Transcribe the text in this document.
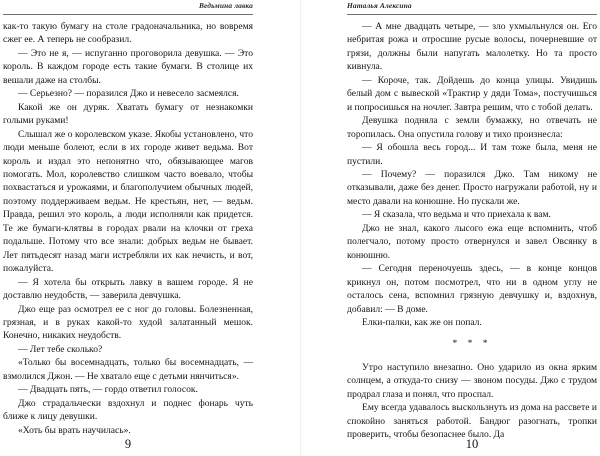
Ведьмина лавка

как-то такую бумагу на столе градоначальника, но вовремя сжег ее. А теперь не сообразил.

— Это не я, — испуганно проговорила девушка. — Это король. В каждом городе есть такие бумаги. В столице их вешали даже на столбы.

— Серьезно? — поразился Джо и невесело засмеялся.

Какой же он дуряк. Хватать бумагу от незнакомки голыми руками!

Слышал же о королевском указе. Якобы установлено, что люди меньше болеют, если в их городе живет ведьма. Вот король и издал это непонятно что, обязывающее магов помогать. Мол, королевство слишком часто воевало, чтобы похвастаться и урожаями, и благополучием обычных людей, поэтому поддерживаем ведьм. Не крестьян, нет, — ведьм. Правда, решил это король, а люди исполняли как придется. Те же бумаги-клятвы в городах рвали на клочки от греха подальше. Потому что все знали: добрых ведьм не бывает. Лет пятьдесят назад маги истребляли их как нечисть, и вот, пожалуйста.

— Я хотела бы открыть лавку в вашем городе. Я не доставлю неудобств, — заверила девчушка.

Джо еще раз осмотрел ее с ног до головы. Болезненная, грязная, и в руках какой-то худой залатанный мешок. Конечно, никаких неудобств.

— Лет тебе сколько?

«Только бы восемнадцать, только бы восемнадцать, — взмолился Джон. — Не хватало еще с детьми нянчиться».

— Двадцать пять, — гордо ответил голосок.

Джо страдальчески вздохнул и поднес фонарь чуть ближе к лицу девушки.

«Хоть бы врать научилась».

9
Наталья Алексина

— А мне двадцать четыре, — зло ухмыльнулся он. Его небритая рожа и отросшие русые волосы, почерневшие от грязи, должны были напугать малолетку. Но та просто кивнула.

— Короче, так. Дойдешь до конца улицы. Увидишь белый дом с вывеской «Трактир у дяди Тома», постучишься и попросишься на ночлег. Завтра решим, что с тобой делать.

Девушка подняла с земли бумажку, но отвечать не торопилась. Она опустила голову и тихо произнесла:

— Я обошла весь город... И там тоже была, меня не пустили.

— Почему? — поразился Джо. Там никому не отказывали, даже без денег. Просто нагружали работой, ну и место давали на конюшне. Но пускали же.

— Я сказала, что ведьма и что приехала к вам.

Джо не знал, какого лысого ежа еще вспомнить, чтоб полегчало, потому просто отвернулся и завел Овсянку в конюшню.

— Сегодня переночуешь здесь, — в конце концов крикнул он, потом посмотрел, что ни в одном углу не осталось сена, вспомнил грязную девчушку и, вздохнув, добавил: — В доме.

Елки-палки, как же он попал.

* * *

Утро наступило внезапно. Оно ударило из окна ярким солнцем, а откуда-то снизу — звоном посуды. Джо с трудом продрал глаза и понял, что проспал.

Ему всегда удавалось выскользнуть из дома на рассвете и спокойно заняться работой. Бандюг разогнать, тропки проверить, чтобы безопаснее было. Да

10
